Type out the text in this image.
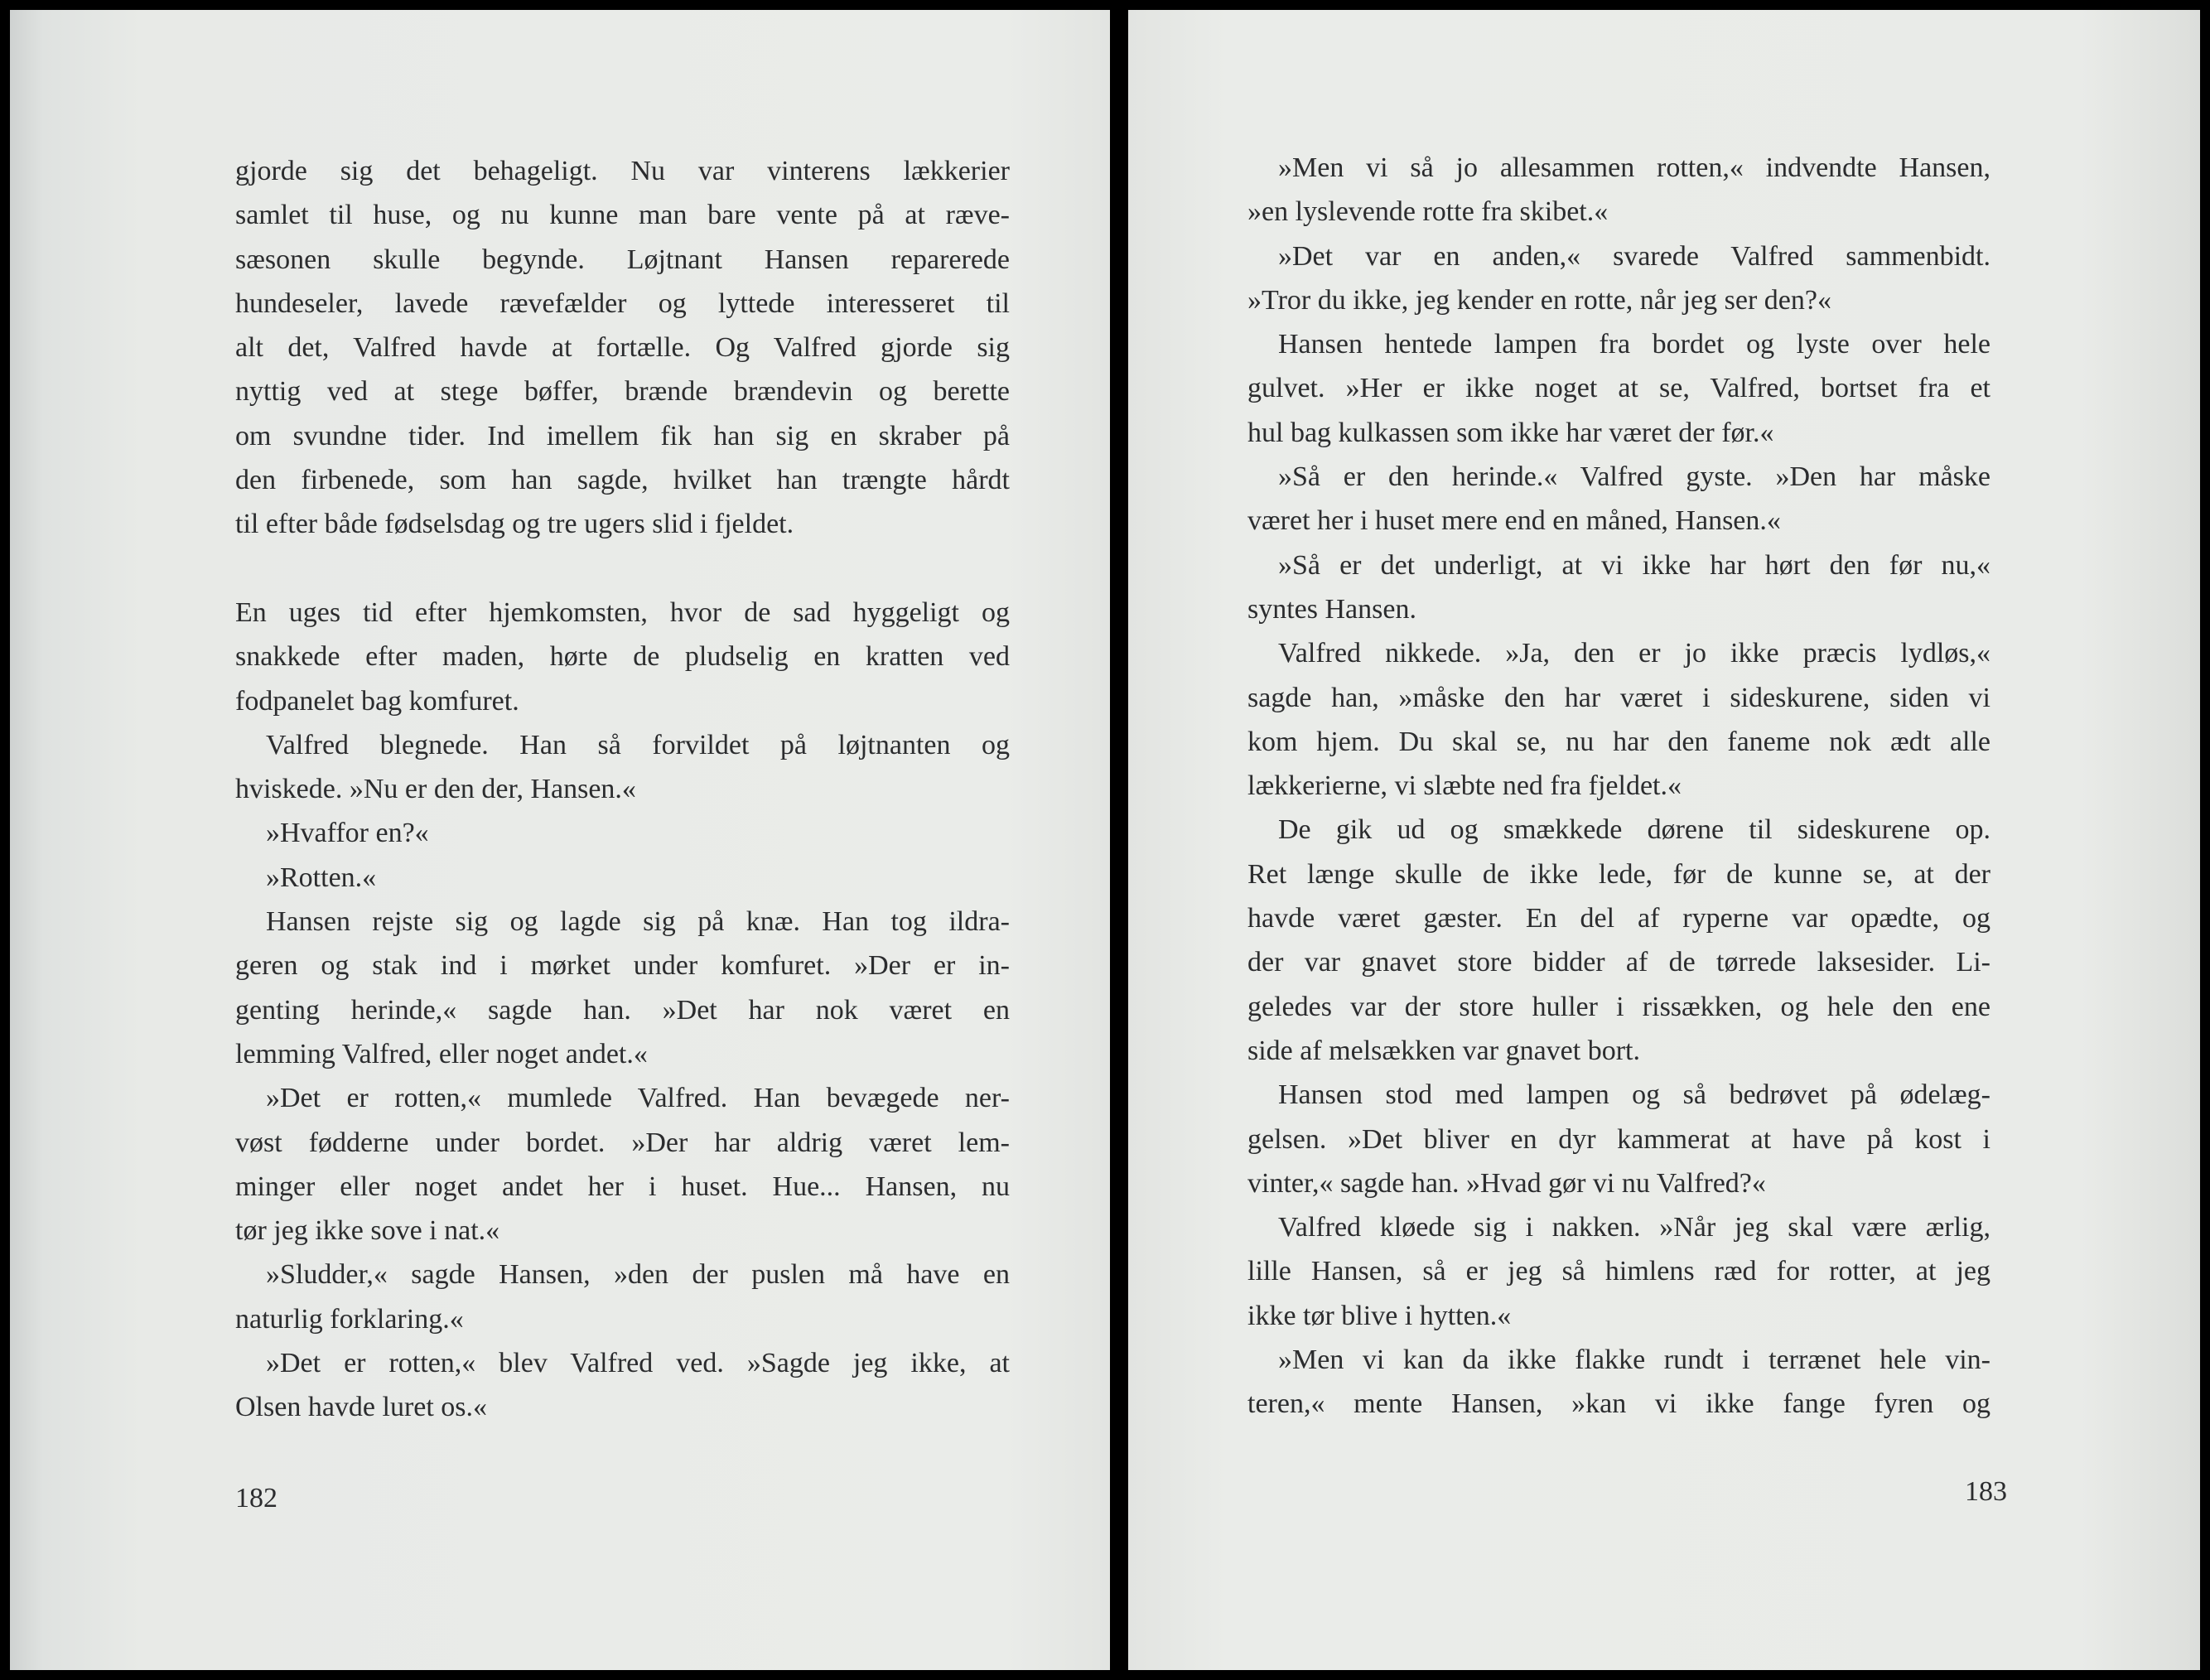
gjorde sig det behageligt. Nu var vinterens lækkerier
samlet til huse, og nu kunne man bare vente på at ræve-
sæsonen skulle begynde. Løjtnant Hansen reparerede
hundeseler, lavede rævefælder og lyttede interesseret til
alt det, Valfred havde at fortælle. Og Valfred gjorde sig
nyttig ved at stege bøffer, brænde brændevin og berette
om svundne tider. Ind imellem fik han sig en skraber på
den firbenede, som han sagde, hvilket han trængte hårdt
til efter både fødselsdag og tre ugers slid i fjeldet.
En uges tid efter hjemkomsten, hvor de sad hyggeligt og
snakkede efter maden, hørte de pludselig en kratten ved
fodpanelet bag komfuret.
Valfred blegnede. Han så forvildet på løjtnanten og
hviskede. »Nu er den der, Hansen.«
»Hvaffor en?«
»Rotten.«
Hansen rejste sig og lagde sig på knæ. Han tog ildra-
geren og stak ind i mørket under komfuret. »Der er in-
genting herinde,« sagde han. »Det har nok været en
lemming Valfred, eller noget andet.«
»Det er rotten,« mumlede Valfred. Han bevægede ner-
vøst fødderne under bordet. »Der har aldrig været lem-
minger eller noget andet her i huset. Hue... Hansen, nu
tør jeg ikke sove i nat.«
»Sludder,« sagde Hansen, »den der puslen må have en
naturlig forklaring.«
»Det er rotten,« blev Valfred ved. »Sagde jeg ikke, at
Olsen havde luret os.«
182
»Men vi så jo allesammen rotten,« indvendte Hansen,
»en lyslevende rotte fra skibet.«
»Det var en anden,« svarede Valfred sammenbidt.
»Tror du ikke, jeg kender en rotte, når jeg ser den?«
Hansen hentede lampen fra bordet og lyste over hele
gulvet. »Her er ikke noget at se, Valfred, bortset fra et
hul bag kulkassen som ikke har været der før.«
»Så er den herinde.« Valfred gyste. »Den har måske
været her i huset mere end en måned, Hansen.«
»Så er det underligt, at vi ikke har hørt den før nu,«
syntes Hansen.
Valfred nikkede. »Ja, den er jo ikke præcis lydløs,«
sagde han, »måske den har været i sideskurene, siden vi
kom hjem. Du skal se, nu har den faneme nok ædt alle
lækkerierne, vi slæbte ned fra fjeldet.«
De gik ud og smækkede dørene til sideskurene op.
Ret længe skulle de ikke lede, før de kunne se, at der
havde været gæster. En del af ryperne var opædte, og
der var gnavet store bidder af de tørrede laksesider. Li-
geledes var der store huller i rissækken, og hele den ene
side af melsækken var gnavet bort.
Hansen stod med lampen og så bedrøvet på ødelæg-
gelsen. »Det bliver en dyr kammerat at have på kost i
vinter,« sagde han. »Hvad gør vi nu Valfred?«
Valfred kløede sig i nakken. »Når jeg skal være ærlig,
lille Hansen, så er jeg så himlens ræd for rotter, at jeg
ikke tør blive i hytten.«
»Men vi kan da ikke flakke rundt i terrænet hele vin-
teren,« mente Hansen, »kan vi ikke fange fyren og
183
